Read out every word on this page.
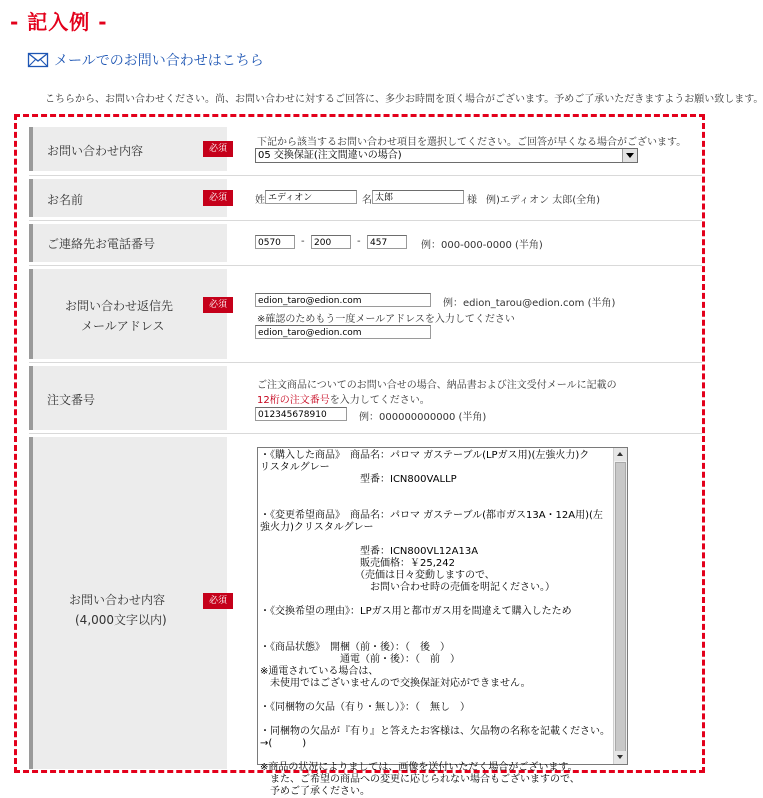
- 記入例 -
メールでのお問い合わせはこちら
こちらから、お問い合わせください。尚、お問い合わせに対するご回答に、多少お時間を頂く場合がございます。予めご了承いただきますようお願い致します。
お問い合わせ内容	必須
下記から該当するお問い合わせ項目を選択してください。ご回答が早くなる場合がございます。
05 交換保証(注文間違いの場合)
お名前	必須	姓 エディオン	名 太郎	様 例)エディオン 太郎(全角)
ご連絡先お電話番号	0570	-	200	-	457	例：000-000-0000 (半角)
お問い合わせ返信先
メールアドレス
必須	edion_taro@edion.com	例：edion_tarou@edion.com (半角)
※確認のためもう一度メールアドレスを入力してください
edion_taro@edion.com
注文番号
ご注文商品についてのお問い合せの場合、納品書および注文受付メールに記載の
12桁の注文番号を入力してください。
012345678910	例：000000000000 (半角)
お問い合わせ内容
(4,000文字以内)
必須
・《購入した商品》　商品名：パロマ ガステーブル(LPガス用)(左強火力)ク
リスタルグレー
　　　　　　　　　　型番：ICN800VALLP

・《変更希望商品》　商品名：パロマ ガステーブル(都市ガス13A・12A用)(左
強火力)クリスタルグレー

　　　　　　　　　　型番：ICN800VL12A13A
　　　　　　　　　　販売価格：￥25,242
　　　　　　　　　　（売価は日々変動しますので、
　　　　　　　　　　　お問い合わせ時の売価を明記ください。）

・《交換希望の理由》：LPガス用と都市ガス用を間違えて購入したため

・《商品状態》　開梱（前・後）：（　後　）
　　　　　　　　通電（前・後）：（　前　）
※通電されている場合は、
　未使用ではございませんので交換保証対応ができません。

・《同梱物の欠品（有り・無し）》：（　無し　）

・同梱物の欠品が『有り』と答えたお客様は、欠品物の名称を記載ください。
→(　　　)

※商品の状況によりましては、画像を送付いただく場合がございます。
　また、ご希望の商品への変更に応じられない場合もございますので、
　予めご了承ください。
